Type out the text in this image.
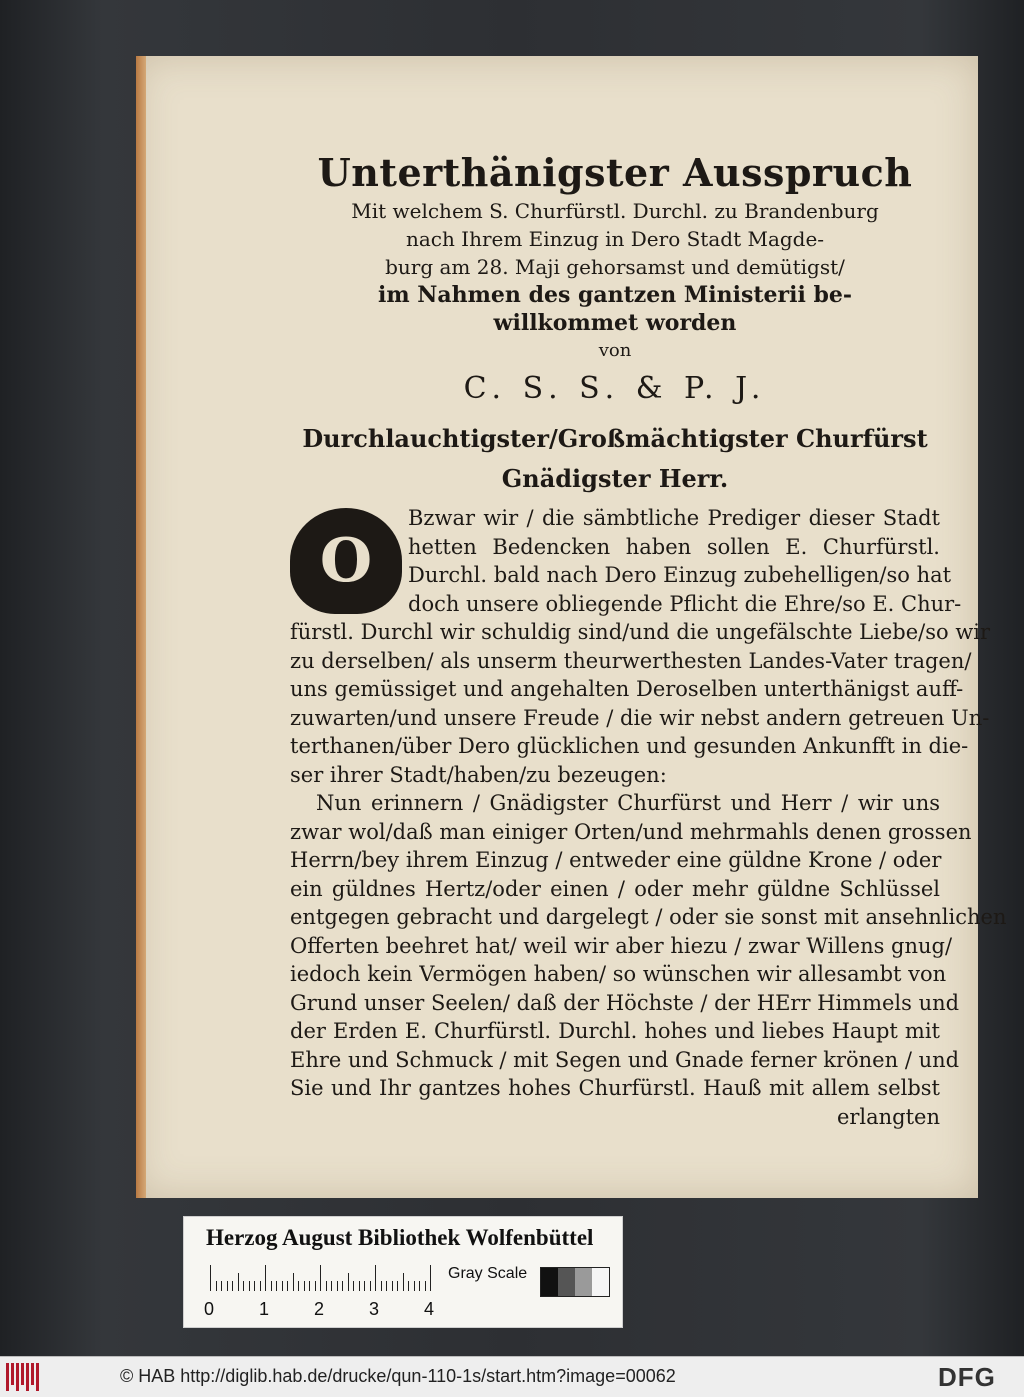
Unterthänigster Ausspruch

Mit welchem S. Churfürstl. Durchl. zu Brandenburg

nach Ihrem Einzug in Dero Stadt Magde-

burg am 28. Maji gehorsamst und demütigst/

im Nahmen des gantzen Ministerii be-

willkommet worden

von

C. S. S. & P. J.

Durchlauchtigster/Großmächtigster Churfürst

Gnädigster Herr.

O

Bzwar wir / die sämbtliche Prediger dieser Stadt

hetten Bedencken haben sollen E. Churfürstl.

Durchl. bald nach Dero Einzug zubehelligen/so hat

doch unsere obliegende Pflicht die Ehre/so E. Chur-

fürstl. Durchl wir schuldig sind/und die ungefälschte Liebe/so wir

zu derselben/ als unserm theurwerthesten Landes-Vater tragen/

uns gemüssiget und angehalten Deroselben unterthänigst auff-

zuwarten/und unsere Freude / die wir nebst andern getreuen Un-

terthanen/über Dero glücklichen und gesunden Ankunfft in die-

ser ihrer Stadt/haben/zu bezeugen:

Nun erinnern / Gnädigster Churfürst und Herr / wir uns

zwar wol/daß man einiger Orten/und mehrmahls denen grossen

Herrn/bey ihrem Einzug / entweder eine güldne Krone / oder

ein güldnes Hertz/oder einen / oder mehr güldne Schlüssel

entgegen gebracht und dargelegt / oder sie sonst mit ansehnlichen

Offerten beehret hat/ weil wir aber hiezu / zwar Willens gnug/

iedoch kein Vermögen haben/ so wünschen wir allesambt von

Grund unser Seelen/ daß der Höchste / der HErr Himmels und

der Erden E. Churfürstl. Durchl. hohes und liebes Haupt mit

Ehre und Schmuck / mit Segen und Gnade ferner krönen / und

Sie und Ihr gantzes hohes Churfürstl. Hauß mit allem selbst

erlangten

Herzog August Bibliothek Wolfenbüttel
0 1 2 3 4
Gray Scale
© HAB http://diglib.hab.de/drucke/qun-110-1s/start.htm?image=00062	DFG
